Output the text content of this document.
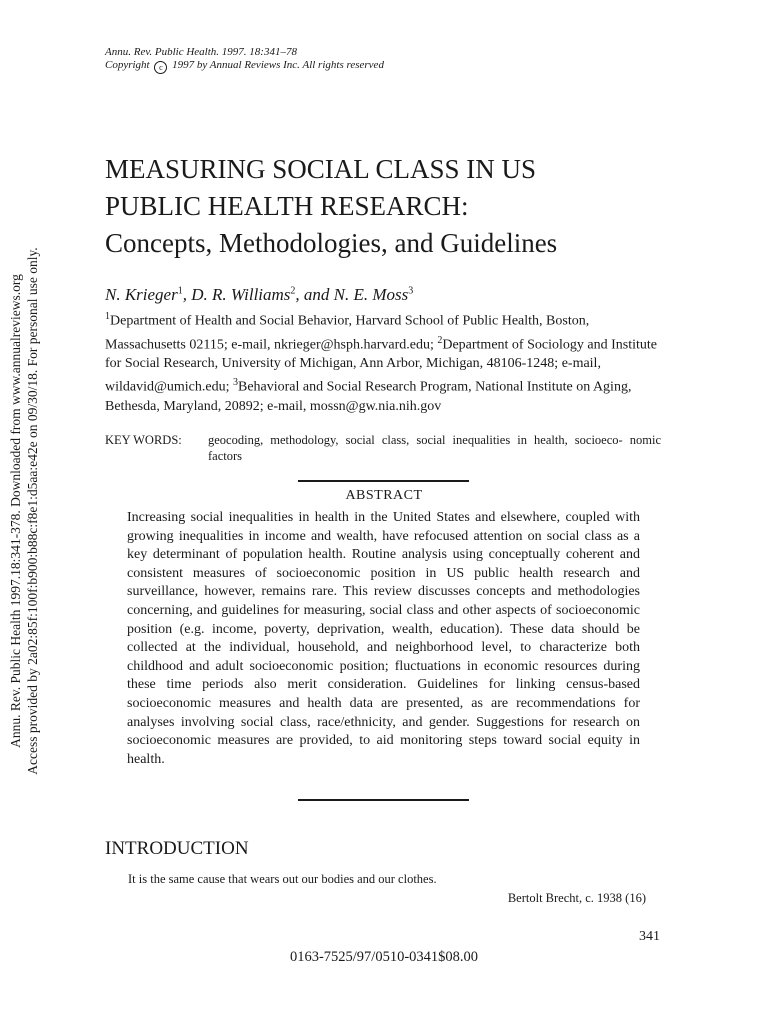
Annu. Rev. Public Health 1997.18:341-378. Downloaded from www.annualreviews.org Access provided by 2a02:85f:100f:b900:b88c:f8e1:d5aa:e42e on 09/30/18. For personal use only.
Annu. Rev. Public Health. 1997. 18:341–78
Copyright c 1997 by Annual Reviews Inc. All rights reserved
MEASURING SOCIAL CLASS IN US
PUBLIC HEALTH RESEARCH:
Concepts, Methodologies, and Guidelines
N. Krieger$^1$, D. R. Williams$^2$, and N. E. Moss$^3$

$^1$Department of Health and Social Behavior, Harvard School of Public Health, Boston, Massachusetts 02115; e-mail, nkrieger@hsph.harvard.edu; $^2$Department of Sociology and Institute for Social Research, University of Michigan, Ann Arbor, Michigan, 48106-1248; e-mail, wildavid@umich.edu; $^3$Behavioral and Social Research Program, National Institute on Aging, Bethesda, Maryland, 20892; e-mail, mossn@gw.nia.nih.gov

KEY WORDS:	geocoding, methodology, social class, social inequalities in health, socioeco- nomic factors
ABSTRACT

Increasing social inequalities in health in the United States and elsewhere, coupled with growing inequalities in income and wealth, have refocused attention on social class as a key determinant of population health. Routine analysis using conceptually coherent and consistent measures of socioeconomic position in US public health research and surveillance, however, remains rare. This review discusses concepts and methodologies concerning, and guidelines for measuring, social class and other aspects of socioeconomic position (e.g. income, poverty, deprivation, wealth, education). These data should be collected at the individual, household, and neighborhood level, to characterize both childhood and adult socioeconomic position; fluctuations in economic resources during these time periods also merit consideration. Guidelines for linking census-based socioeconomic measures and health data are presented, as are recommendations for analyses involving social class, race/ethnicity, and gender. Suggestions for research on socioeconomic measures are provided, to aid monitoring steps toward social equity in health.

INTRODUCTION
It is the same cause that wears out our bodies and our clothes.
Bertolt Brecht, c. 1938 (16)
341
0163-7525/97/0510-0341$08.00
